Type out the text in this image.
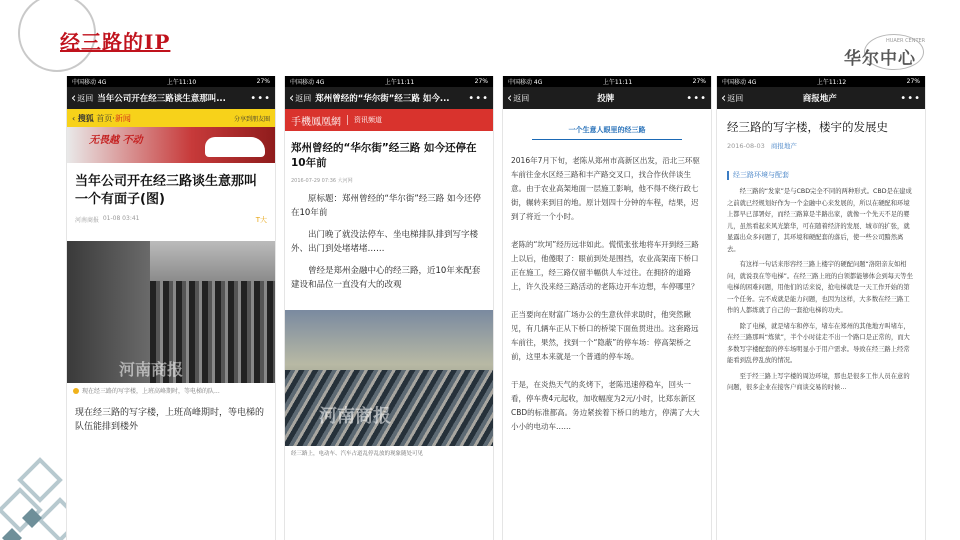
经三路的IP	HUAER CENTER
华尔中心
中国移动 4G	上午11:10	27%
‹ 返回 当年公司开在经三路谈生意那叫...	•••
‹ 搜狐
首页 · 新闻	分享到朋友圈
无畏越 不动
当年公司开在经三路谈生意那叫一个有面子(图)
河南商报
01-08 03:41	T大
河南商报
现在经三路的写字楼，上班高峰期时，等电梯的队...
现在经三路的写字楼，上班高峰期时，等电梯的队伍能排到楼外
中国移动 4G	上午11:11	27%
‹ 返回 郑州曾经的“华尔街”经三路 如今...	•••
手機鳳凰網 资讯频道
郑州曾经的“华尔街”经三路 如今还停在10年前
2016-07-29 07:36 大河网

原标题：郑州曾经的“华尔街”经三路 如今还停在10年前

出门晚了就没法停车、坐电梯排队排到写字楼外、出门到处堵堵堵……

曾经是郑州金融中心的经三路，近10年来配套建设和品位一直没有大的改观

河南商报
经三路上，电动车、汽车占道乱停乱放的现象随处可见
中国移动 4G	上午11:11	27%
‹ 返回	投牌	•••
一个生意人眼里的经三路

2016年7月下旬，老陈从郑州市高新区出发，沿北三环驱车前往金水区经三路和丰产路交叉口，找合作伙伴谈生意。由于农业高架地面一层施工影响，他不得不绕行政七街，辗转来到目的地。原计划四十分钟的车程，结果，迟到了将近一个小时。

老陈的“坎坷”经历远非如此。慌慌张张地将车开到经三路上以后，他傻眼了：眼前到处是围挡，农业高架南下桥口正在施工，经三路仅留半幅供人车过往。在拥挤的道路上，许久没来经三路活动的老陈边开车边想，车停哪里？

正当要向在财富广场办公的生意伙伴求助时，他突然瞅见，有几辆车正从下桥口的桥梁下面鱼贯进出。这套路远车前往，果然，找到一个“隐蔽”的停车场：停高架桥之前，这里本来就是一个普通的停车场。

于是，在炎热天气的炙烤下，老陈迅速停稳车，回头一看，停车费4元起收，加收幅度为2元/小时，比郑东新区CBD的标准都高。务边紧挨着下桥口的地方，停满了大大小小的电动车……

中国移动 4G	上午11:12	27%
‹ 返回	商报地产	•••
经三路的写字楼，楼宇的发展史
2016-08-03 商报地产
经三路环境与配套

经三路的“发家”是与CBD完全不同的两种形式。CBD是在建成之前就已经规划好作为一个金融中心来发展的，所以在硬配和环境上都早已部署好，而经三路算是半路出家，就像一个先天不足的婴儿，虽然看起来风光繁华，可在随着经济的发展、城市的扩张，就显露出众多问题了，其环境和硬配套的落后，使一些公司黯然离去。

有这样一句话来形容经三路上楼宇的硬配问题“洛阳亲友如相问，就说我在等电梯”。在经三路上班的白领都能够体会到每天等坐电梯的困难问题，用他们的话来说，抢电梯就是一天工作开始的第一个任务。完不成就是能力问题，也因为这样，大多数在经三路工作的人都练就了自己的一套抢电梯的功夫。

除了电梯，就是堵车和停车，堵车在郑州的其他地方叫堵车，在经三路那叫“炼狱”，半个小时徒走不出一个路口是正常的，而大多数写字楼配套的停车场明显小于用户需求。导致在经三路上经常能看到乱停乱放的情况。

至于经三路上写字楼的周边环境，那也是很多工作人员在意的问题，很多企业在接客户商谈交易的时候...
